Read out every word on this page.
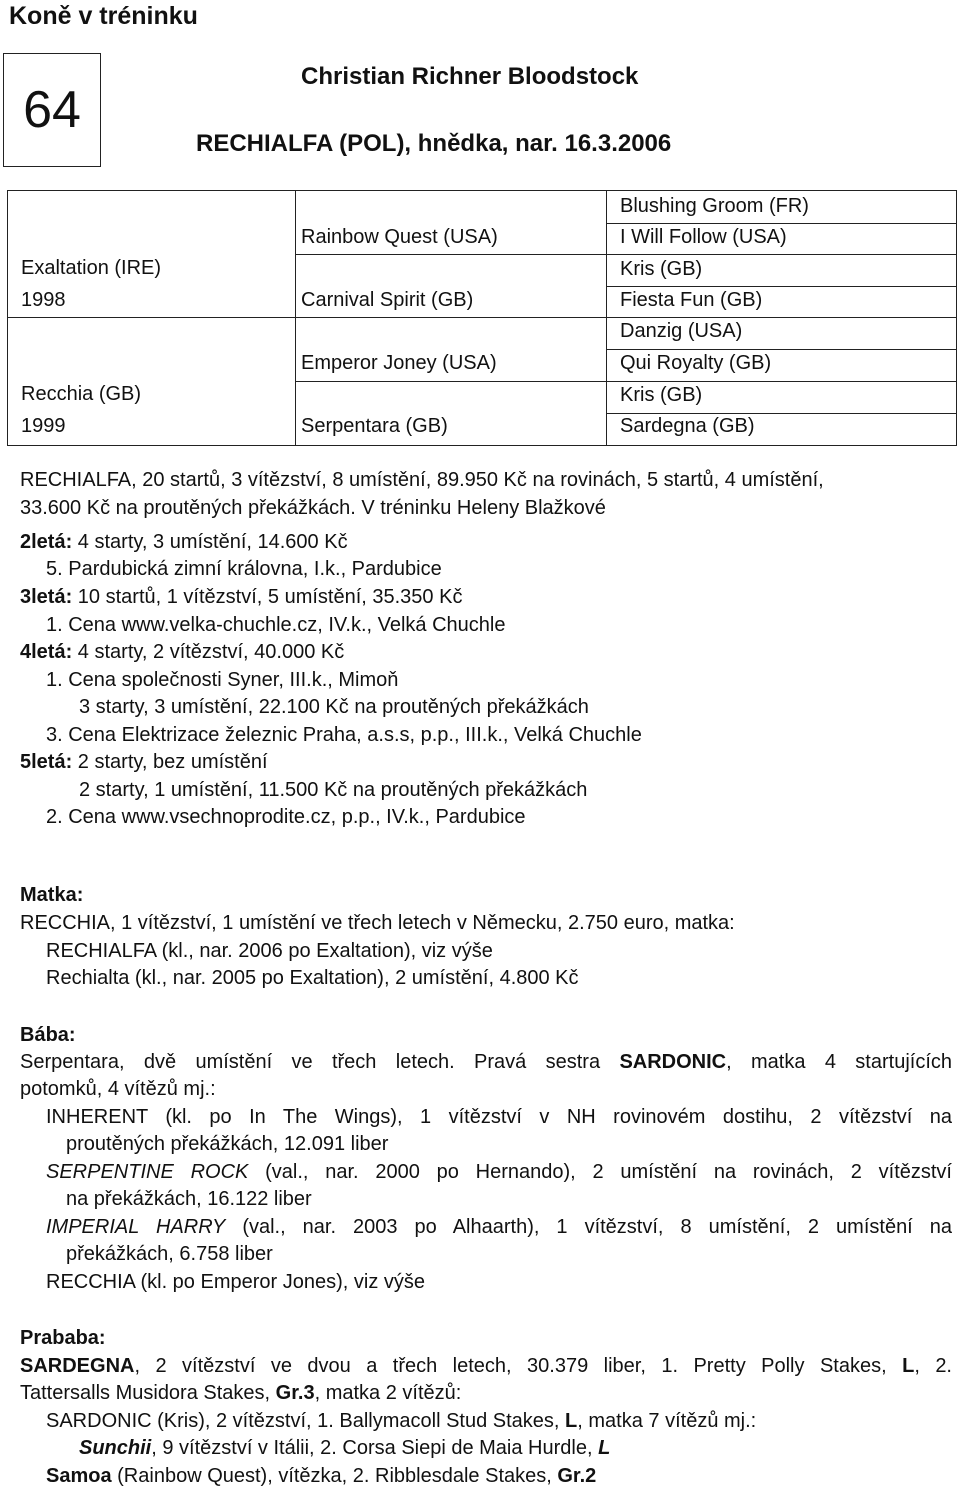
Koně v tréninku
64
Christian Richner Bloodstock
RECHIALFA (POL), hnědka, nar. 16.3.2006
Exaltation (IRE)
1998
Recchia (GB)
1999
Rainbow Quest (USA)
Carnival Spirit (GB)
Emperor Joney (USA)
Serpentara (GB)
Blushing Groom (FR)
I Will Follow (USA)
Kris (GB)
Fiesta Fun (GB)
Danzig (USA)
Qui Royalty (GB)
Kris (GB)
Sardegna (GB)
RECHIALFA, 20 startů, 3 vítězství, 8 umístění, 89.950 Kč na rovinách, 5 startů, 4 umístění,
33.600 Kč na proutěných překážkách. V tréninku Heleny Blažkové
2letá: 4 starty, 3 umístění, 14.600 Kč
5. Pardubická zimní královna, I.k., Pardubice
3letá: 10 startů, 1 vítězství, 5 umístění, 35.350 Kč
1. Cena www.velka-chuchle.cz, IV.k., Velká Chuchle
4letá: 4 starty, 2 vítězství, 40.000 Kč
1. Cena společnosti Syner, III.k., Mimoň
3 starty, 3 umístění, 22.100 Kč na proutěných překážkách
3. Cena Elektrizace železnic Praha, a.s.s, p.p., III.k., Velká Chuchle
5letá: 2 starty, bez umístění
2 starty, 1 umístění, 11.500 Kč na proutěných překážkách
2. Cena www.vsechnoprodite.cz, p.p., IV.k., Pardubice
Matka:
RECCHIA, 1 vítězství, 1 umístění ve třech letech v Německu, 2.750 euro, matka:
RECHIALFA (kl., nar. 2006 po Exaltation), viz výše
Rechialta (kl., nar. 2005 po Exaltation), 2 umístění, 4.800 Kč
Bába:
Serpentara, dvě umístění ve třech letech. Pravá sestra SARDONIC, matka 4 startujících
potomků, 4 vítězů mj.:
INHERENT (kl. po In The Wings), 1 vítězství v NH rovinovém dostihu, 2 vítězství na
proutěných překážkách, 12.091 liber
SERPENTINE ROCK (val., nar. 2000 po Hernando), 2 umístění na rovinách, 2 vítězství
na překážkách, 16.122 liber
IMPERIAL HARRY (val., nar. 2003 po Alhaarth), 1 vítězství, 8 umístění, 2 umístění na
překážkách, 6.758 liber
RECCHIA (kl. po Emperor Jones), viz výše
Prababa:
SARDEGNA, 2 vítězství ve dvou a třech letech, 30.379 liber, 1. Pretty Polly Stakes, L, 2.
Tattersalls Musidora Stakes, Gr.3, matka 2 vítězů:
SARDONIC (Kris), 2 vítězství, 1. Ballymacoll Stud Stakes, L, matka 7 vítězů mj.:
Sunchii, 9 vítězství v Itálii, 2. Corsa Siepi de Maia Hurdle, L
Samoa (Rainbow Quest), vítězka, 2. Ribblesdale Stakes, Gr.2
